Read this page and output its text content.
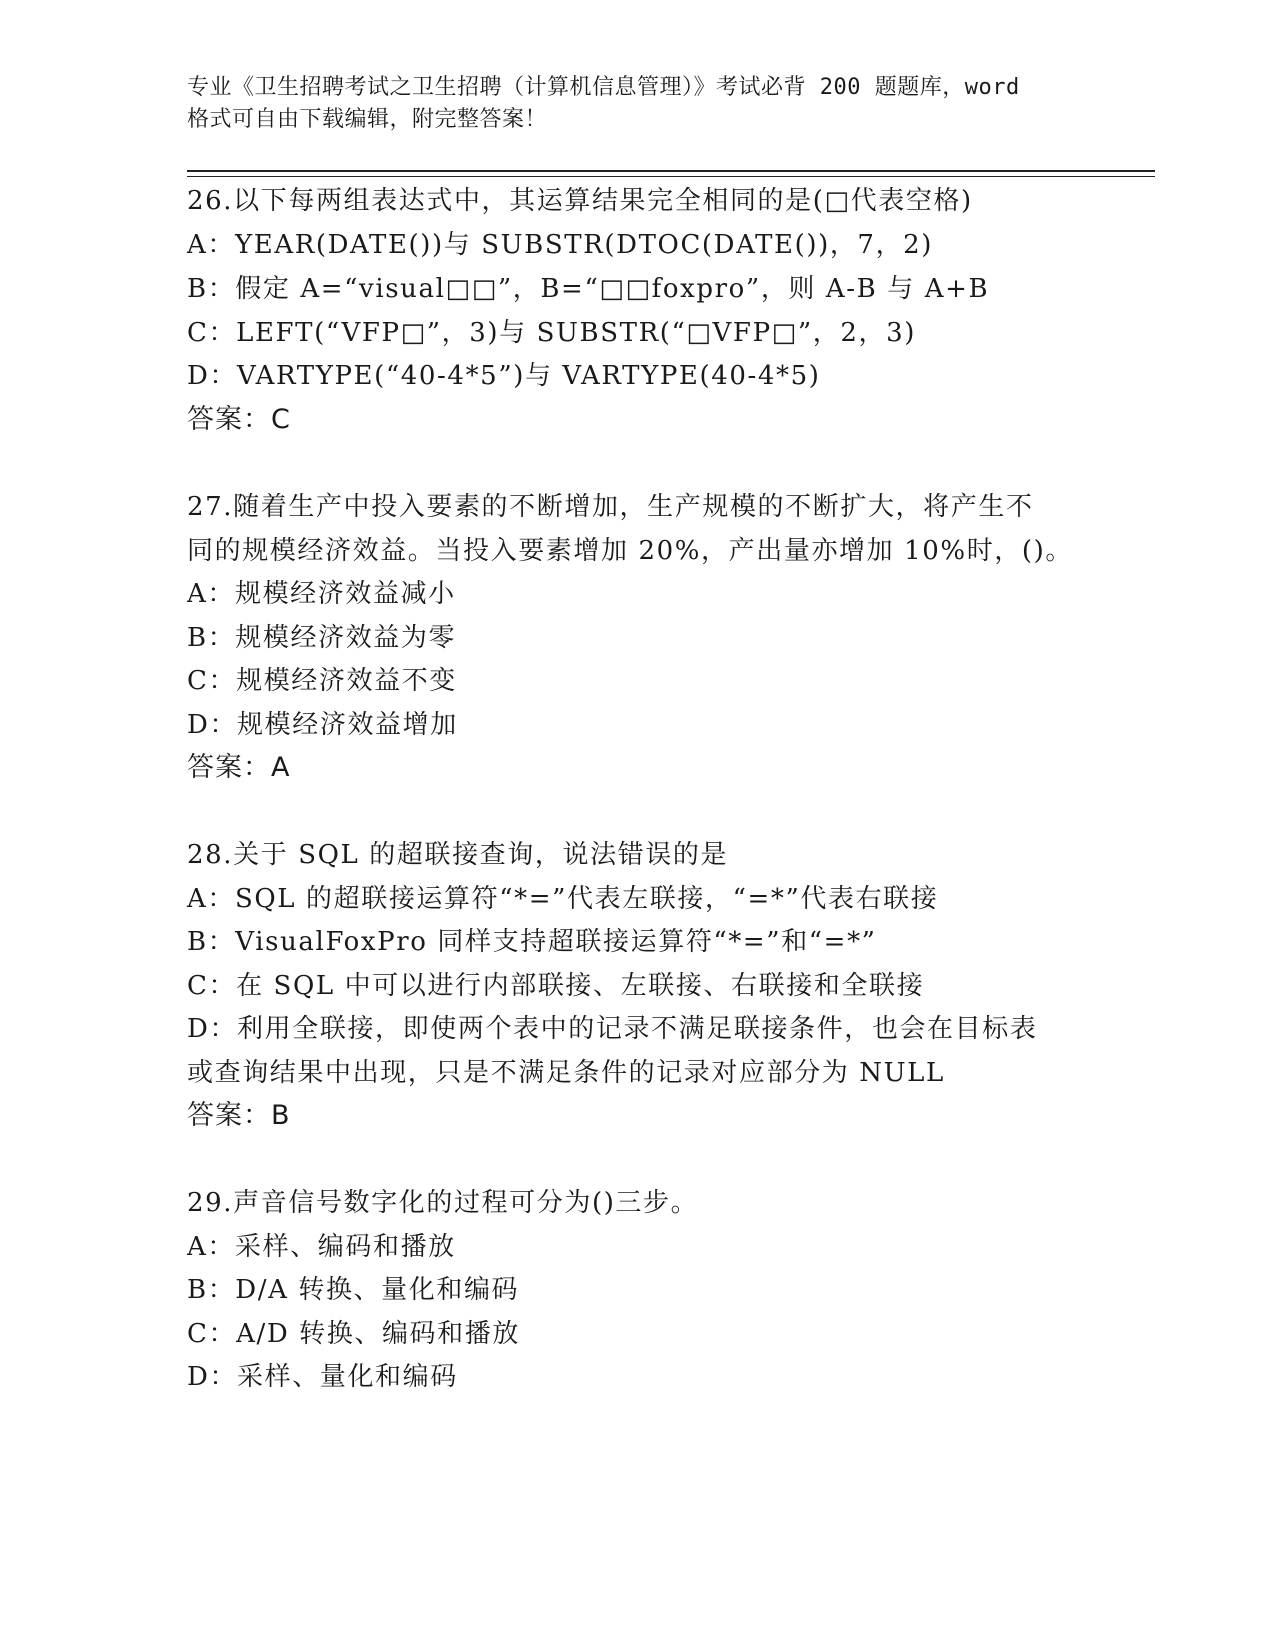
专业《卫生招聘考试之卫生招聘（计算机信息管理）》考试必背 200 题题库，word
格式可自由下载编辑，附完整答案！
26.以下每两组表达式中，其运算结果完全相同的是(□代表空格)
A：YEAR(DATE())与 SUBSTR(DTOC(DATE())，7，2)
B：假定 A=“visual□□”，B=“□□foxpro”，则 A-B 与 A+B
C：LEFT(“VFP□”，3)与 SUBSTR(“□VFP□”，2，3)
D：VARTYPE(“40-4*5”)与 VARTYPE(40-4*5)
答案：C
27.随着生产中投入要素的不断增加，生产规模的不断扩大，将产生不
同的规模经济效益。当投入要素增加 20%，产出量亦增加 10%时，()。
A：规模经济效益减小
B：规模经济效益为零
C：规模经济效益不变
D：规模经济效益增加
答案：A
28.关于 SQL 的超联接查询，说法错误的是
A：SQL 的超联接运算符“*=”代表左联接，“=*”代表右联接
B：VisualFoxPro 同样支持超联接运算符“*=”和“=*”
C：在 SQL 中可以进行内部联接、左联接、右联接和全联接
D：利用全联接，即使两个表中的记录不满足联接条件，也会在目标表
或查询结果中出现，只是不满足条件的记录对应部分为 NULL
答案：B
29.声音信号数字化的过程可分为()三步。
A：采样、编码和播放
B：D/A 转换、量化和编码
C：A/D 转换、编码和播放
D：采样、量化和编码
